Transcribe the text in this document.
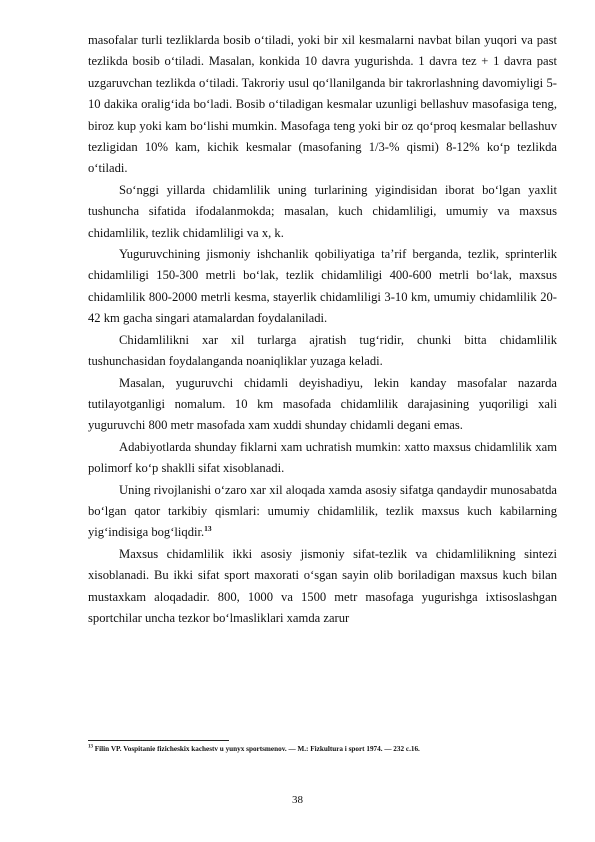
masofalar turli tezliklarda bosib o‘tiladi, yoki bir xil kesmalarni navbat bilan yuqori va past tezlikda bosib o‘tiladi. Masalan, konkida 10 davra yugurishda. 1 davra tez + 1 davra past uzgaruvchan tezlikda o‘tiladi. Takroriy usul qo‘llanilganda bir takrorlashning davomiyligi 5-10 dakika oralig‘ida bo‘ladi. Bosib o‘tiladigan kesmalar uzunligi bellashuv masofasiga teng, biroz kup yoki kam bo‘lishi mumkin. Masofaga teng yoki bir oz qo‘proq kesmalar bellashuv tezligidan 10% kam, kichik kesmalar (masofaning 1/3-% qismi) 8-12% ko‘p tezlikda o‘tiladi.

So‘nggi yillarda chidamlilik uning turlarining yigindisidan iborat bo‘lgan yaxlit tushuncha sifatida ifodalanmokda; masalan, kuch chidamliligi, umumiy va maxsus chidamlilik, tezlik chidamliligi va x, k.

Yuguruvchining jismoniy ishchanlik qobiliyatiga ta’rif berganda, tezlik, sprinterlik chidamliligi 150-300 metrli bo‘lak, tezlik chidamliligi 400-600 metrli bo‘lak, maxsus chidamlilik 800-2000 metrli kesma, stayerlik chidamliligi 3-10 km, umumiy chidamlilik 20-42 km gacha singari atamalardan foydalaniladi.

Chidamlilikni xar xil turlarga ajratish tug‘ridir, chunki bitta chidamlilik tushunchasidan foydalanganda noaniqliklar yuzaga keladi.

Masalan, yuguruvchi chidamli deyishadiyu, lekin kanday masofalar nazarda tutilayotganligi nomalum. 10 km masofada chidamlilik darajasining yuqoriligi xali yuguruvchi 800 metr masofada xam xuddi shunday chidamli degani emas.

Adabiyotlarda shunday fiklarni xam uchratish mumkin: xatto maxsus chidamlilik xam polimorf ko‘p shaklli sifat xisoblanadi.

Uning rivojlanishi o‘zaro xar xil aloqada xamda asosiy sifatga qandaydir munosabatda bo‘lgan qator tarkibiy qismlari: umumiy chidamlilik, tezlik maxsus kuch kabilarning yig‘indisiga bog‘liqdir.$^{13}$

Maxsus chidamlilik ikki asosiy jismoniy sifat-tezlik va chidamlilikning sintezi xisoblanadi. Bu ikki sifat sport maxorati o‘sgan sayin olib boriladigan maxsus kuch bilan mustaxkam aloqadadir. 800, 1000 va 1500 metr masofaga yugurishga ixtisoslashgan sportchilar uncha tezkor bo‘lmasliklari xamda zarur

$^{13}$ Filin VP. Vospitanie fizicheskix kachestv u yunyx sportsmenov. — M.: Fizkultura i sport 1974. — 232 c.16.
38
